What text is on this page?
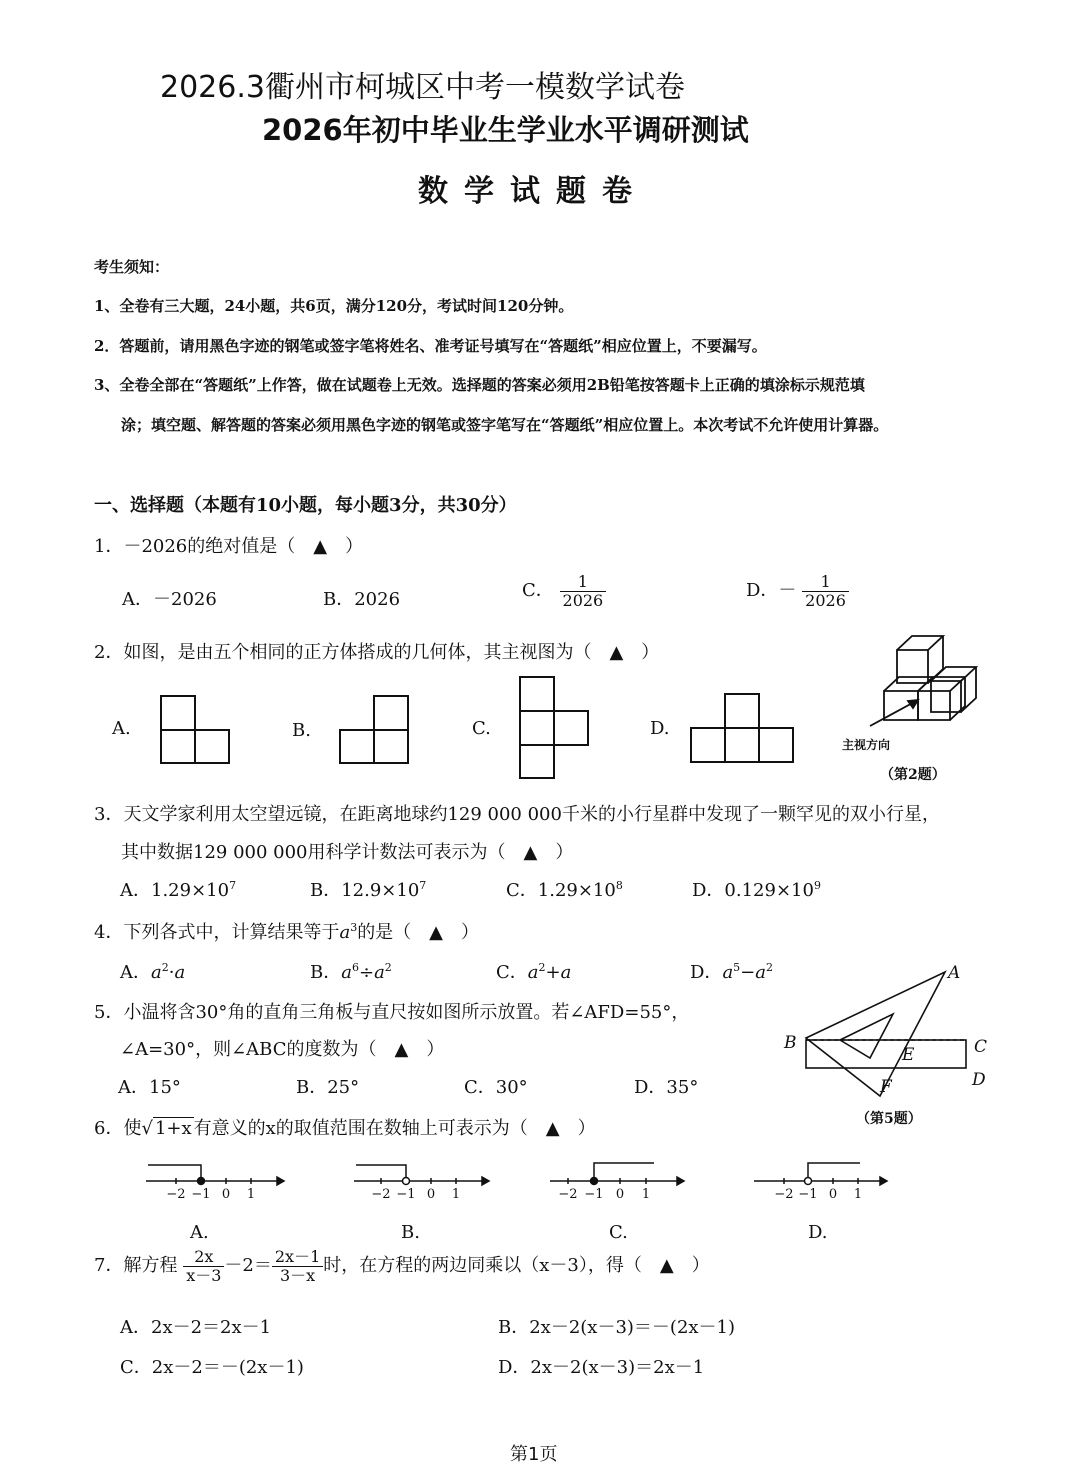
2026.3衢州市柯城区中考一模数学试卷
2026年初中毕业生学业水平调研测试
数学试题卷
考生须知：
1、全卷有三大题，24小题，共6页，满分120分，考试时间120分钟。
2．答题前，请用黑色字迹的钢笔或签字笔将姓名、准考证号填写在“答题纸”相应位置上，不要漏写。
3、全卷全部在“答题纸”上作答，做在试题卷上无效。选择题的答案必须用2B铅笔按答题卡上正确的填涂标示规范填
涂；填空题、解答题的答案必须用黑色字迹的钢笔或签字笔写在“答题纸”相应位置上。本次考试不允许使用计算器。
一、选择题（本题有10小题，每小题3分，共30分）
1．－2026的绝对值是（　▲　）
A．－2026	B．2026	C． $\frac{1}{2026}$	D．－ $\frac{1}{2026}$
2．如图，是由五个相同的正方体搭成的几何体，其主视图为（　▲　）
A.	B.	C.	D.
A
B	C
D
E
F
−2 −1 0 1	−2 −1 0 1	−2 −1 0 1	−2 −1 0 1
主视方向
（第2题）
3．天文学家利用太空望远镜，在距离地球约129 000 000千米的小行星群中发现了一颗罕见的双小行星，
其中数据129 000 000用科学计数法可表示为（　▲　）
A．$1.29\times 10^7$	B．$12.9\times 10^7$	C．$1.29\times 10^8$	D．$0.129\times 10^9$
4．下列各式中，计算结果等于$a^3$的是（　▲　）
A．$a^2\cdot a$	B．$a^6\div a^2$	C．$a^2+a$	D．$a^5-a^2$
5．小温将含30°角的直角三角板与直尺按如图所示放置。若∠AFD=55°，
∠A=30°，则∠ABC的度数为（　▲　）
A．15°	B．25°	C．30°	D．35°
（第5题）
6．使√ 1+x 有意义的x的取值范围在数轴上可表示为（　▲　）
A.	B.	C.	D.
7．解方程 $\frac{2x}{x-3} -2= \frac{2x-1}{3-x}$ 时，在方程的两边同乘以（x－3），得（　▲　）
A．2x－2＝2x－1	B．2x－2(x－3)＝－(2x－1)
C．2x－2＝－(2x－1)	D．2x－2(x－3)＝2x－1
第1页
